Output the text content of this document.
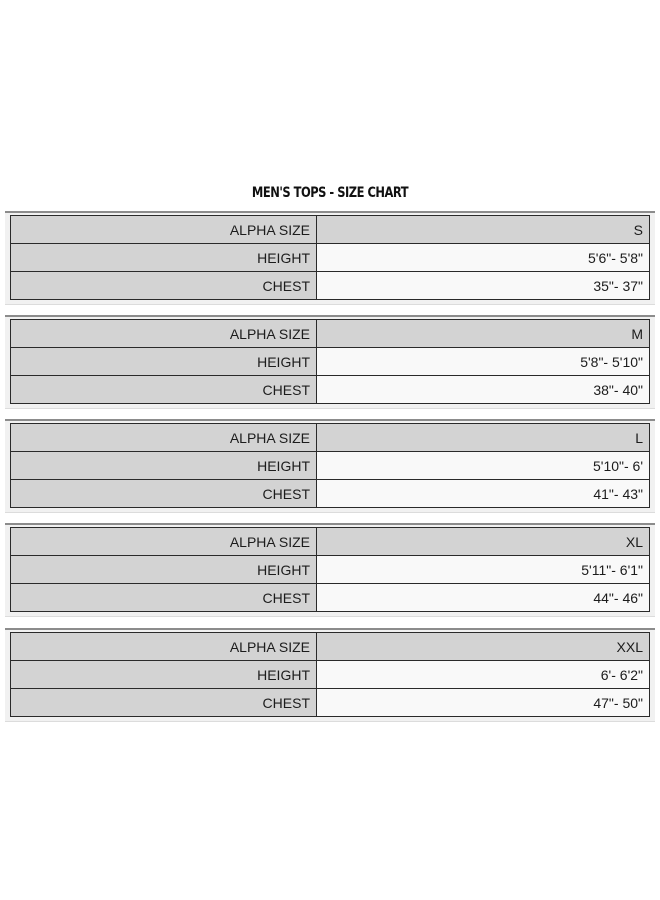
MEN'S TOPS - SIZE CHART
ALPHA SIZE	S
HEIGHT	5'6"- 5'8"
CHEST	35"- 37"
ALPHA SIZE	M
HEIGHT	5'8"- 5'10"
CHEST	38"- 40"
ALPHA SIZE	L
HEIGHT	5'10"- 6'
CHEST	41"- 43"
ALPHA SIZE	XL
HEIGHT	5'11"- 6'1"
CHEST	44"- 46"
ALPHA SIZE	XXL
HEIGHT	6'- 6'2"
CHEST	47"- 50"
